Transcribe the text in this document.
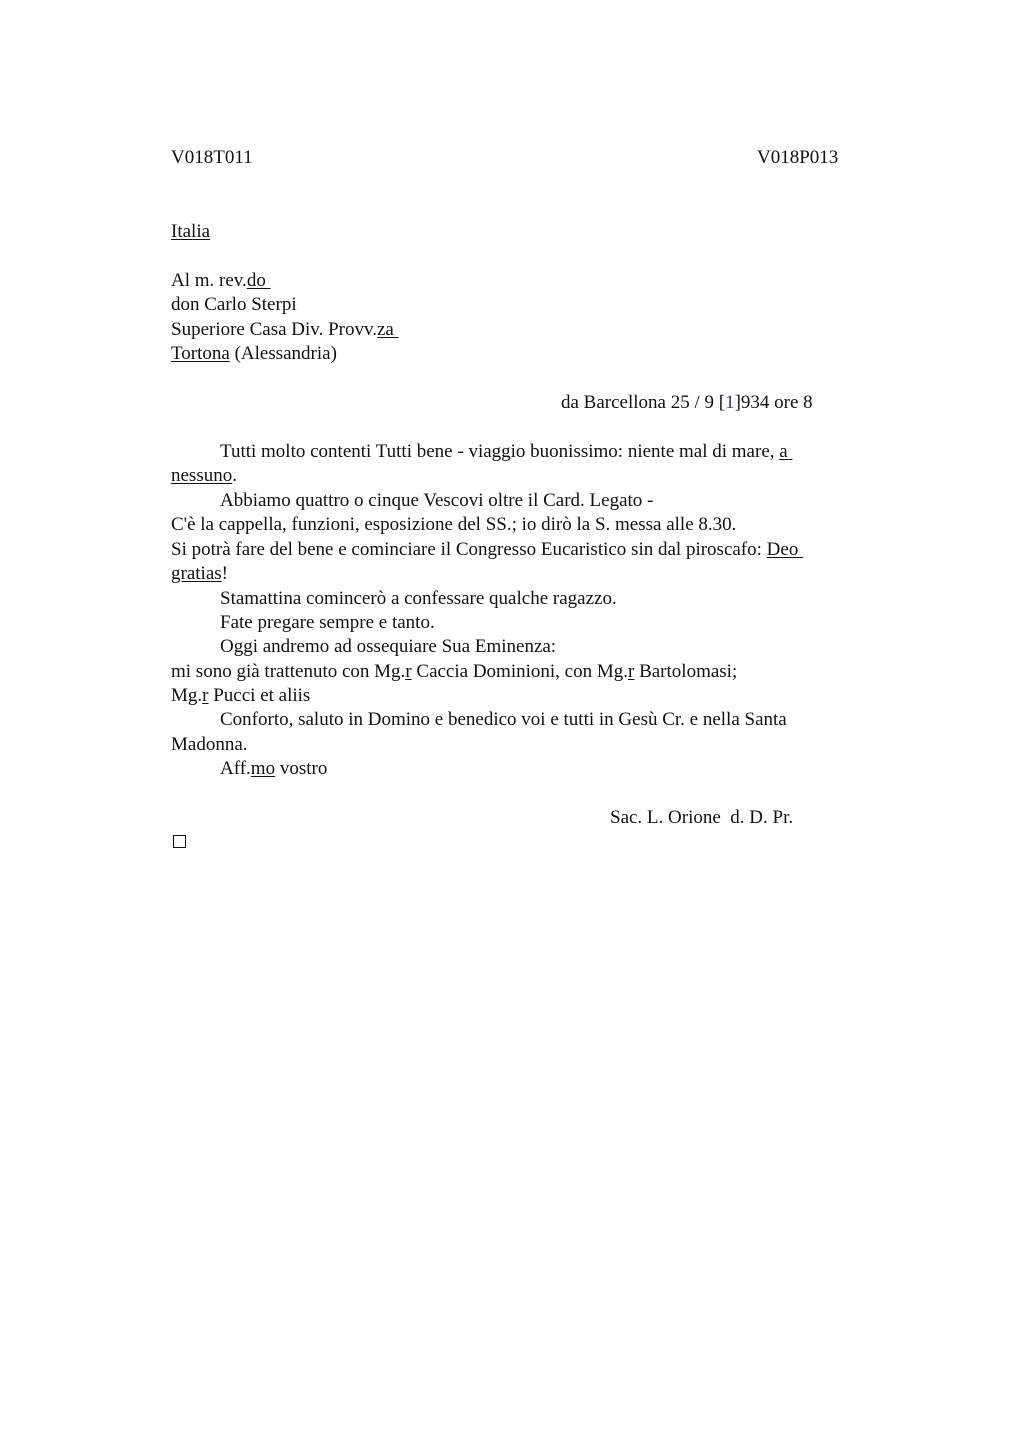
V018T011	V018P013
Italia
Al m. rev.do
don Carlo Sterpi
Superiore Casa Div. Provv.za
Tortona (Alessandria)
da Barcellona 25 / 9 [1]934 ore 8
Tutti molto contenti Tutti bene - viaggio buonissimo: niente mal di mare, a
nessuno.
Abbiamo quattro o cinque Vescovi oltre il Card. Legato -
C'è la cappella, funzioni, esposizione del SS.; io dirò la S. messa alle 8.30.
Si potrà fare del bene e cominciare il Congresso Eucaristico sin dal piroscafo: Deo
gratias!
Stamattina comincerò a confessare qualche ragazzo.
Fate pregare sempre e tanto.
Oggi andremo ad ossequiare Sua Eminenza:
mi sono già trattenuto con Mg.r Caccia Dominioni, con Mg.r Bartolomasi;
Mg.r Pucci et aliis
Conforto, saluto in Domino e benedico voi e tutti in Gesù Cr. e nella Santa
Madonna.
Aff.mo vostro
Sac. L. Orione  d. D. Pr.
